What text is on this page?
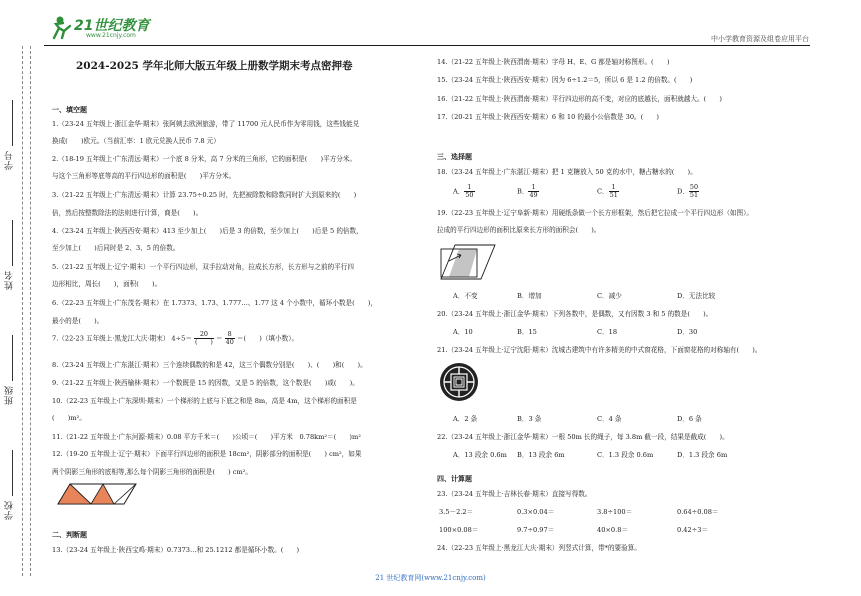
21世纪教育
www.21cnjy.com	中小学教育资源及组卷应用平台
学号
姓名
班级
学校
2024-2025 学年北师大版五年级上册数学期末考点密押卷
一、填空题
1.（23-24 五年级上·浙江金华·期末）张阿姨去欧洲旅游，带了 11700 元人民币作为零用钱，这些钱能兑
换成(　　)欧元。（当前汇率：1 欧元兑换人民币 7.8 元）
2.（18-19 五年级上·广东清远·期末）一个底 8 分米，高 7 分米的三角形，它的面积是(　　)平方分米。
与这个三角形等底等高的平行四边形的面积是(　　)平方分米。
3.（21-22 五年级上·广东清远·期末）计算 23.75÷0.25 时，先把被除数和除数同时扩大到原来的(　　)
倍，然后按整数除法的法则进行计算，商是(　　)。
4.（23-24 五年级上·陕西西安·期末）413 至少加上(　　)后是 3 的倍数，至少加上(　　)后是 5 的倍数，
至少加上(　　)后同时是 2、3、5 的倍数。
5.（21-22 五年级上·辽宁·期末）一个平行四边形，双手拉动对角，拉成长方形，长方形与之前的平行四
边形相比，周长(　　)，面积(　　)。
6.（22-23 五年级上·广东茂名·期末）在 1.7373、1.73、1.777…、1.77 这 4 个小数中，循环小数是(　　)，
最小的是(　　)。
7.（22-23 五年级上·黑龙江大庆·期末） $4\div 5= \frac{20}{( )} = \frac{8}{40}$ ＝(　　)（填小数）。
8.（23-24 五年级上·广东湛江·期末）三个连续偶数的和是 42，这三个偶数分别是(　　)、(　　)和(　　)。
9.（21-22 五年级上·陕西榆林·期末）一个数既是 15 的因数，又是 5 的倍数，这个数是(　　)或(　　)。
10.（22-23 五年级上·广东深圳·期末）一个梯形的上底与下底之和是 8m，高是 4m，这个梯形的面积是
(　　)m²。
11.（21-22 五年级上·广东河源·期末）0.08 平方千米＝(　　)公顷＝(　　)平方米　0.78km²＝(　　)m²
12.（19-20 五年级上·辽宁·期末）下面平行四边形的面积是 18cm²，阴影部分的面积是(　　) cm²，如果
两个阴影三角形的底相等,那么每个阴影三角形的面积是(　　) cm²。
二、判断题
13.（23-24 五年级上·陕西宝鸡·期末）0.7373…和 25.1212 都是循环小数。(　　)
14.（21-22 五年级上·陕西渭南·期末）字母 H、E、G 都是轴对称图形。(　　)
15.（23-24 五年级上·陕西西安·期末）因为 6÷1.2＝5，所以 6 是 1.2 的倍数。(　　)
16.（21-22 五年级上·陕西渭南·期末）平行四边形的高不变，对应的底越长，面积就越大。(　　)
17.（20-21 五年级上·陕西西安·期末）6 和 10 的最小公倍数是 30。(　　)
三、选择题
18.（23-24 五年级上·广东湛江·期末）把 1 克糖放入 50 克的水中，糖占糖水的(　　)。
A． $\frac{1}{50}$	B． $\frac{1}{49}$	C． $\frac{1}{51}$	D． $\frac{50}{51}$
19.（22-23 五年级上·辽宁阜新·期末）用硬纸条做一个长方形框架，然后把它拉成一个平行四边形（如图）。
拉成的平行四边形的面积比原来长方形的面积会(　　)。
A．不变	B．增加	C．减少	D．无法比较
20.（23-24 五年级上·浙江金华·期末）下列各数中，是偶数，又有因数 3 和 5 的数是(　　)。
A．10	B．15	C．18	D．30
21.（23-24 五年级上·辽宁沈阳·期末）沈城古建筑中有许多精美的中式窗花格，下面窗花格的对称轴有(　　)。
A．2 条	B．3 条	C．4 条	D．6 条
22.（23-24 五年级上·浙江金华·期末）一根 50m 长的绳子，每 3.8m 截一段，结果是截成(　　)。
A．13 段余 0.6m B．13 段余 6m	C．1.3 段余 0.6m	D．1.3 段余 6m
四、计算题
23.（23-24 五年级上·吉林长春·期末）直接写得数。
3.5－2.2＝	0.3×0.04＝	3.8÷100＝	0.64÷0.08＝
100×0.08＝	9.7÷0.97＝	40×0.8＝	0.42÷3＝
24.（22-23 五年级上·黑龙江大庆·期末）列竖式计算，带*的要验算。
21 世纪教育网(www.21cnjy.com)
